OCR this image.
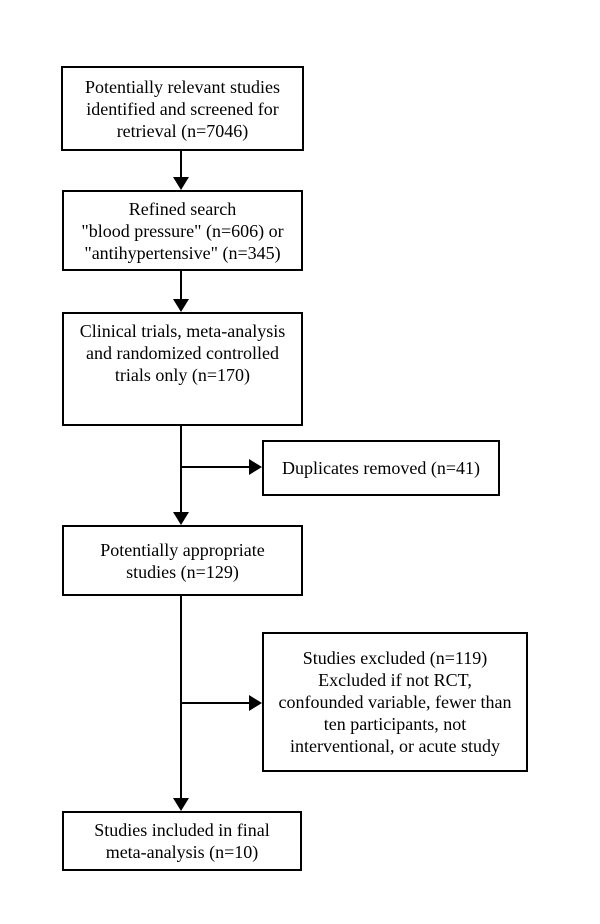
Potentially relevant studies
identified and screened for
retrieval (n=7046)
Refined search
"blood pressure" (n=606) or
"antihypertensive" (n=345)
Clinical trials, meta-analysis
and randomized controlled
trials only (n=170)
Duplicates removed (n=41)
Potentially appropriate
studies (n=129)
Studies excluded (n=119)
Excluded if not RCT,
confounded variable, fewer than
ten participants, not
interventional, or acute study
Studies included in final
meta-analysis (n=10)
